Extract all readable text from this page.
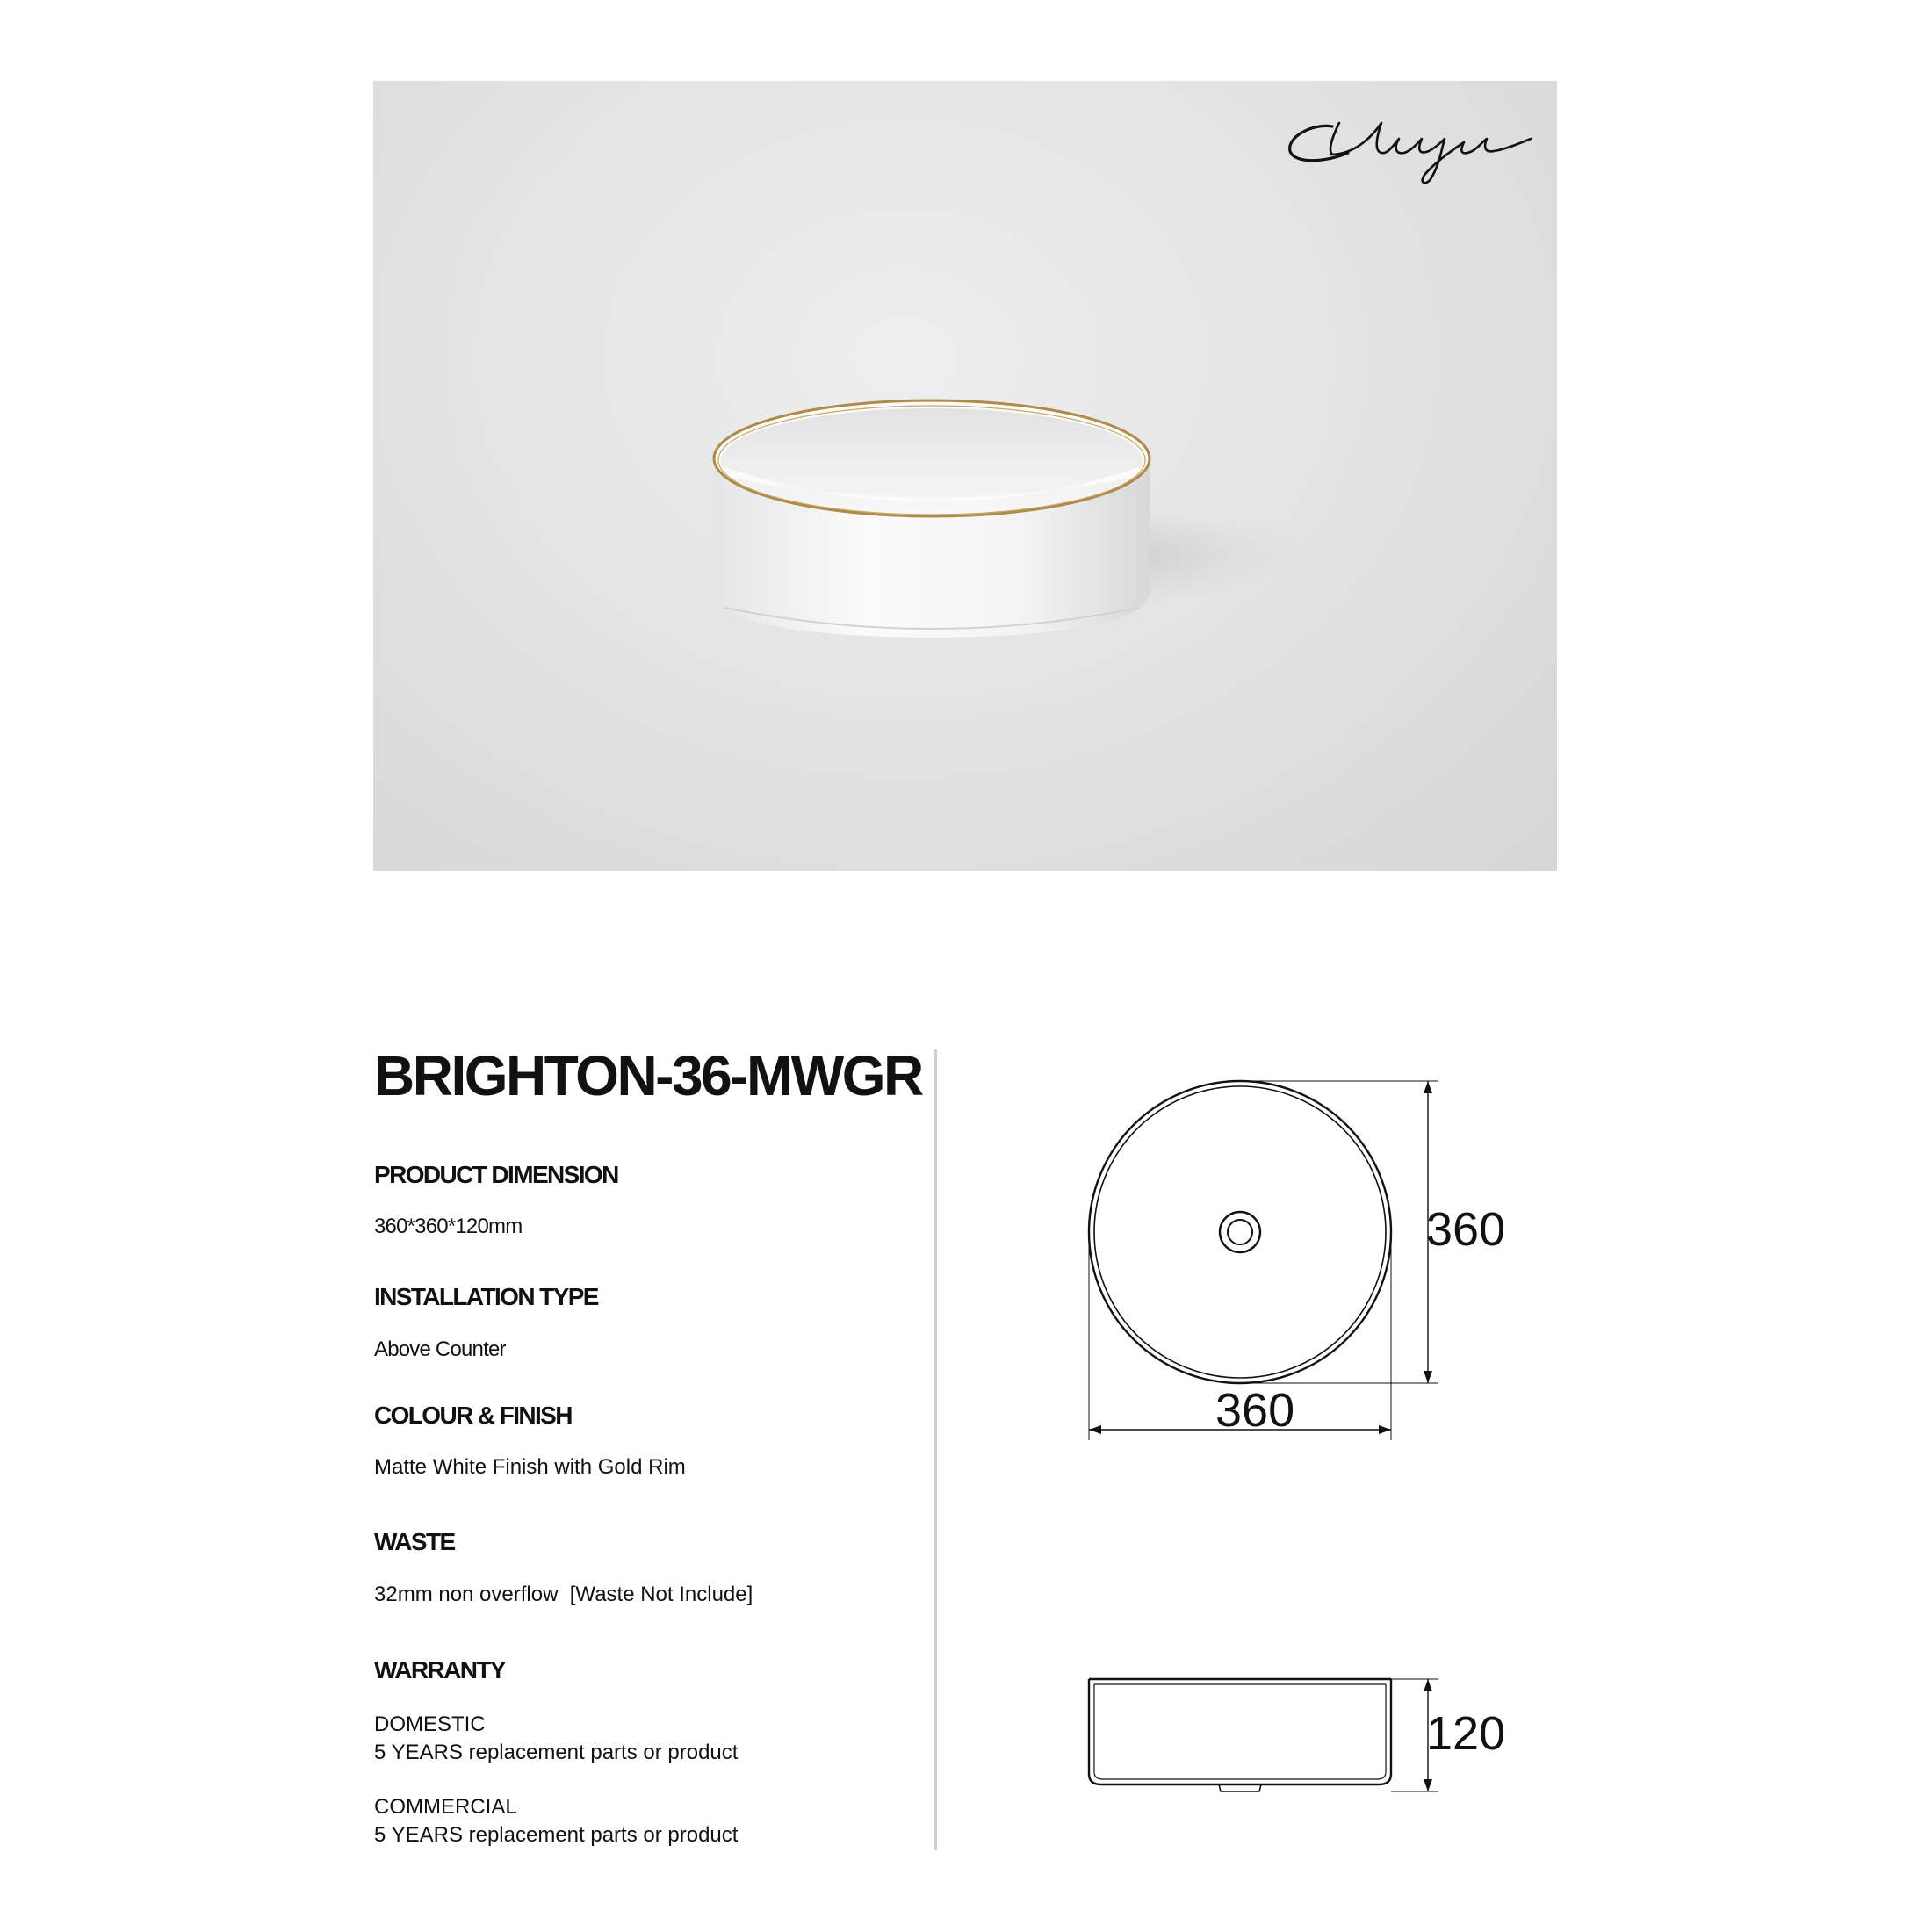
BRIGHTON-36-MWGR
PRODUCT DIMENSION

360*360*120mm

INSTALLATION TYPE

Above Counter

COLOUR & FINISH

Matte White Finish with Gold Rim

WASTE

32mm non overflow  [Waste Not Include]

WARRANTY

DOMESTIC

5 YEARS replacement parts or product

COMMERCIAL

5 YEARS replacement parts or product

360
360
120
